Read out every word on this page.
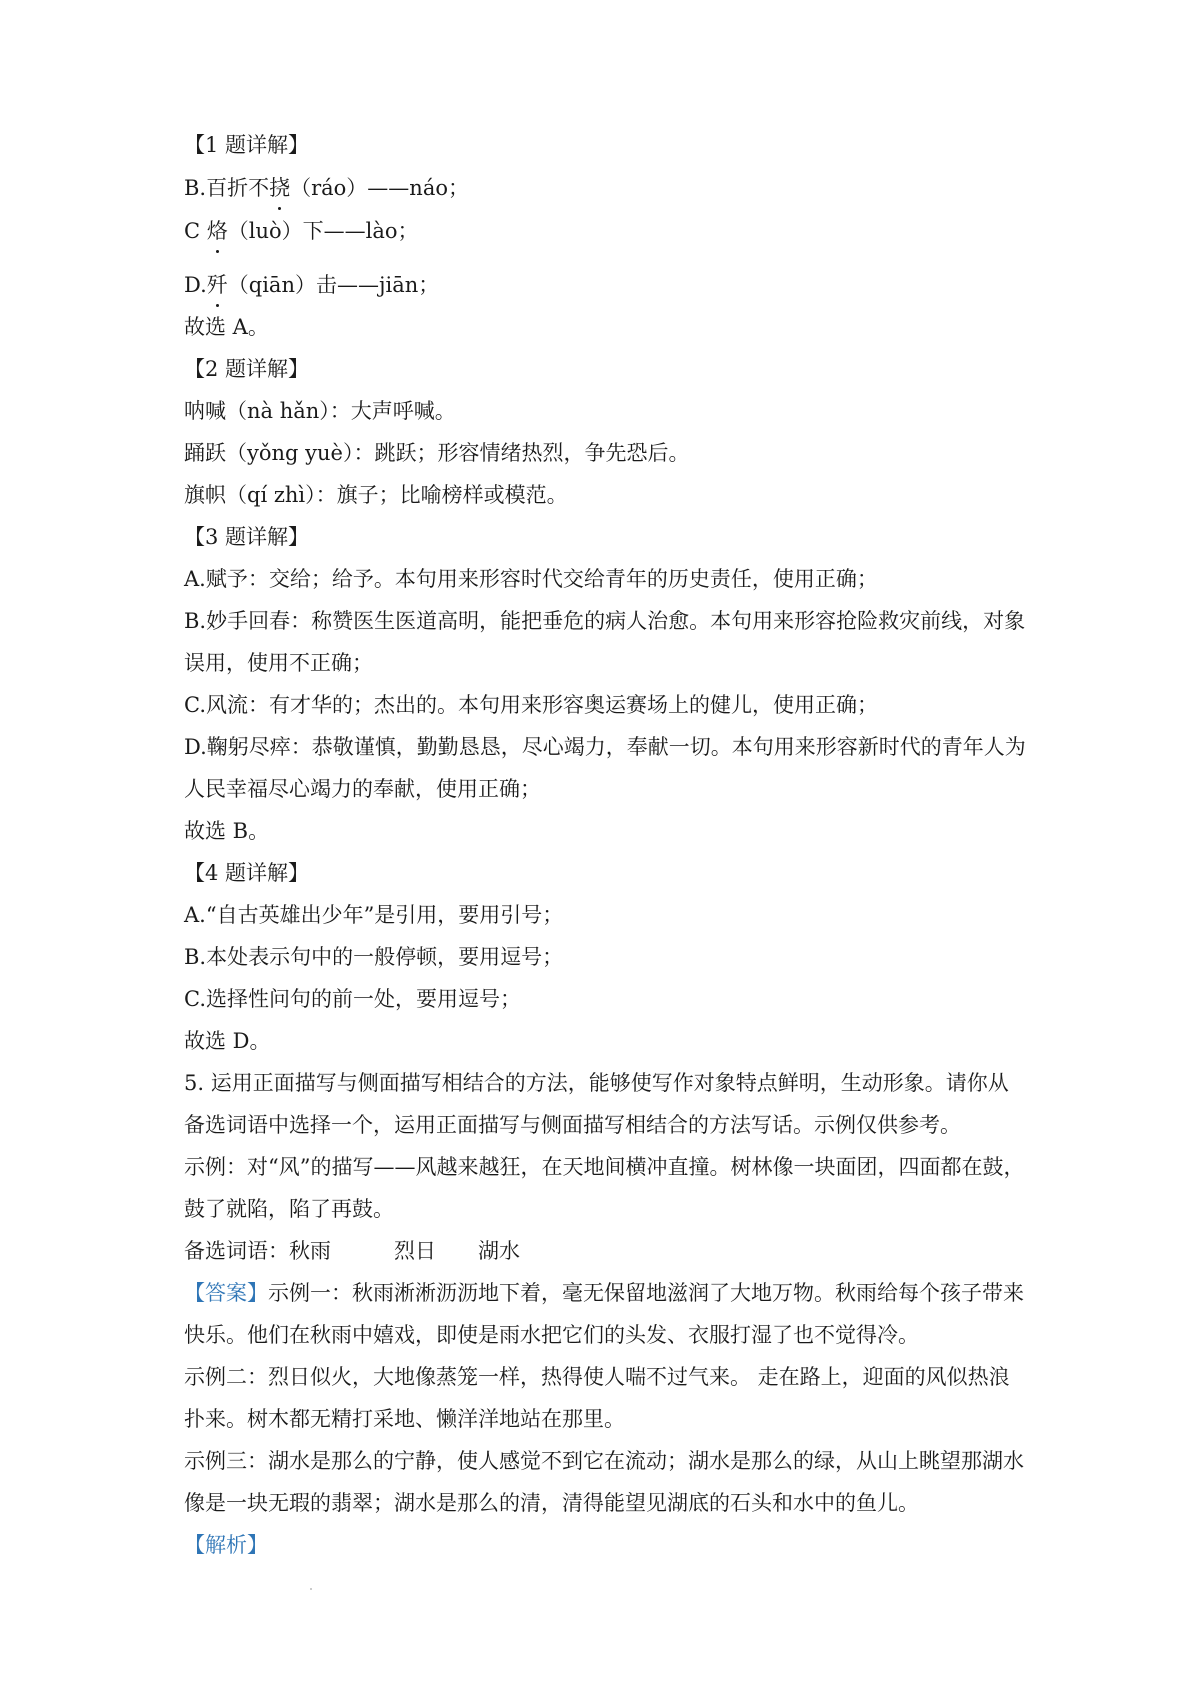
【1 题详解】
B.百折不挠（ráo）——náo；
C 烙（luò）下——lào；
D.歼（qiān）击——jiān；
故选 A。
【2 题详解】
呐喊（nà hǎn）：大声呼喊。
踊跃（yǒng yuè）：跳跃；形容情绪热烈，争先恐后。
旗帜（qí zhì）：旗子；比喻榜样或模范。
【3 题详解】
A.赋予：交给；给予。本句用来形容时代交给青年的历史责任，使用正确；
B.妙手回春：称赞医生医道高明，能把垂危的病人治愈。本句用来形容抢险救灾前线，对象
误用，使用不正确；
C.风流：有才华的；杰出的。本句用来形容奥运赛场上的健儿，使用正确；
D.鞠躬尽瘁：恭敬谨慎，勤勤恳恳，尽心竭力，奉献一切。本句用来形容新时代的青年人为
人民幸福尽心竭力的奉献，使用正确；
故选 B。
【4 题详解】
A.“自古英雄出少年”是引用，要用引号；
B.本处表示句中的一般停顿，要用逗号；
C.选择性问句的前一处，要用逗号；
故选 D。
5. 运用正面描写与侧面描写相结合的方法，能够使写作对象特点鲜明，生动形象。请你从
备选词语中选择一个，运用正面描写与侧面描写相结合的方法写话。示例仅供参考。
示例：对“风”的描写——风越来越狂，在天地间横冲直撞。树林像一块面团，四面都在鼓，
鼓了就陷，陷了再鼓。
备选词语：秋雨　　　烈日　　湖水
【答案】示例一：秋雨淅淅沥沥地下着，毫无保留地滋润了大地万物。秋雨给每个孩子带来
快乐。他们在秋雨中嬉戏，即使是雨水把它们的头发、衣服打湿了也不觉得冷。
示例二：烈日似火，大地像蒸笼一样，热得使人喘不过气来。 走在路上，迎面的风似热浪
扑来。树木都无精打采地、懒洋洋地站在那里。
示例三：湖水是那么的宁静，使人感觉不到它在流动；湖水是那么的绿，从山上眺望那湖水
像是一块无瑕的翡翠；湖水是那么的清，清得能望见湖底的石头和水中的鱼儿。
【解析】
